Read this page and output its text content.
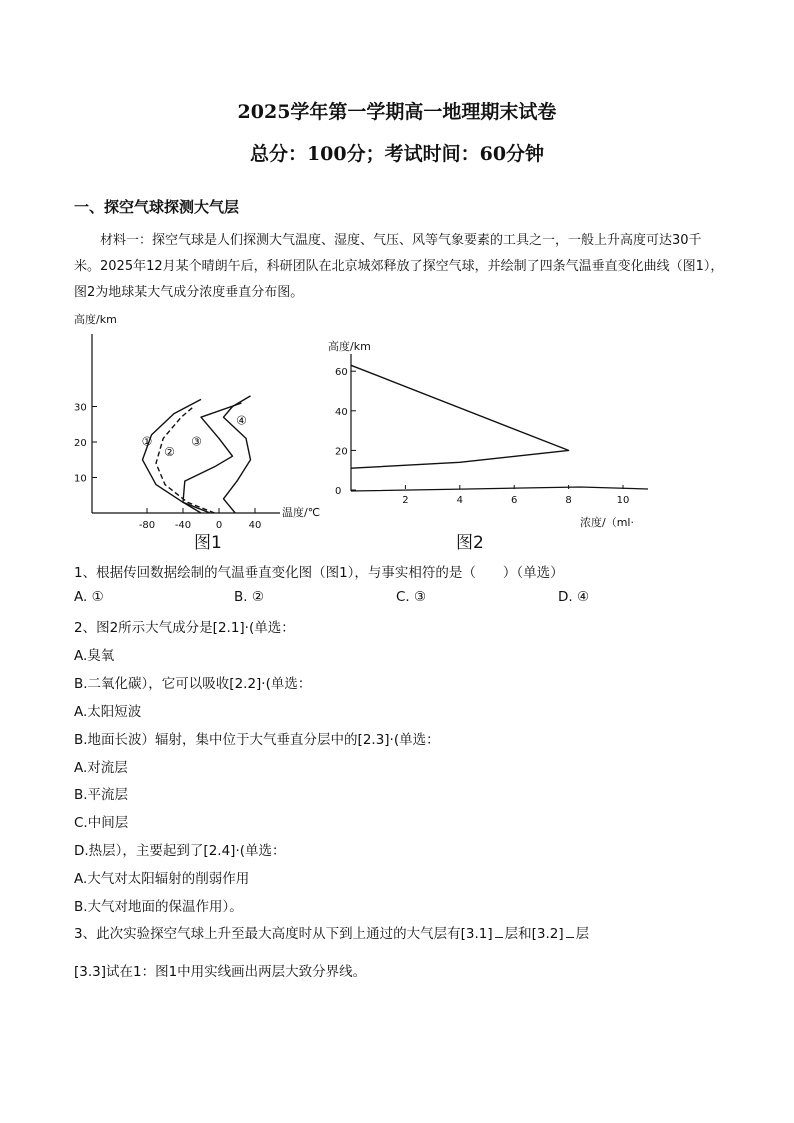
2025学年第一学期高一地理期末试卷
总分：100分；考试时间：60分钟
一、探空气球探测大气层
材料一：探空气球是人们探测大气温度、湿度、气压、风等气象要素的工具之一，一般上升高度可达30千米。2025年12月某个晴朗午后，科研团队在北京城郊释放了探空气球，并绘制了四条气温垂直变化曲线（图1），图2为地球某大气成分浓度垂直分布图。
高度/km
30
20
10
-80 -40 0	40
①
②
③
④
温度/℃
图1
高度/km
60
40
20
0
2	4	6	8	10
浓度/（ml·
图2
1、根据传回数据绘制的气温垂直变化图（图1），与事实相符的是（　　）（单选）
A. ①	B. ②	C. ③	D. ④
2、图2所示大气成分是[2.1]·(单选：
A.臭氧
B.二氧化碳），它可以吸收[2.2]·(单选：
A.太阳短波
B.地面长波）辐射，集中位于大气垂直分层中的[2.3]·(单选：
A.对流层
B.平流层
C.中间层
D.热层），主要起到了[2.4]·(单选：
A.大气对太阳辐射的削弱作用
B.大气对地面的保温作用）。
3、此次实验探空气球上升至最大高度时从下到上通过的大气层有[3.1] 层和[3.2] 层
[3.3]试在1：图1中用实线画出两层大致分界线。
